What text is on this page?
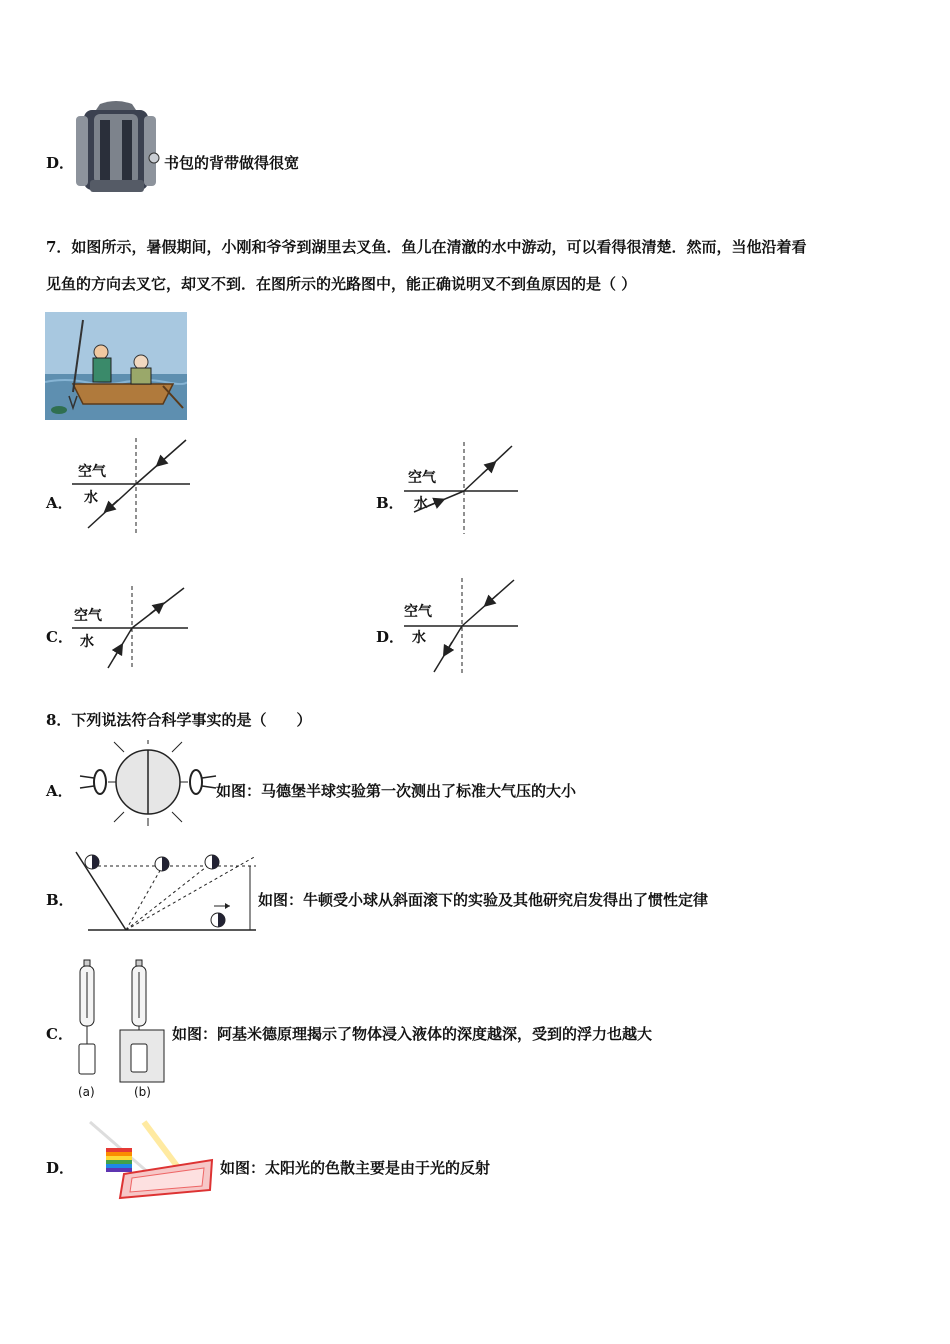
D．	书包的背带做得很宽
7．如图所示，暑假期间，小刚和爷爷到湖里去叉鱼．鱼儿在清澈的水中游动，可以看得很清楚．然而，当他沿着看
见鱼的方向去叉它，却叉不到．在图所示的光路图中，能正确说明叉不到鱼原因的是（ ）
A．
空气
水	B．
空气
水
C．
空气
水	D．
空气
水
8．下列说法符合科学事实的是（　　）
A．	如图：马德堡半球实验第一次测出了标准大气压的大小
B．	如图：牛顿受小球从斜面滚下的实验及其他研究启发得出了惯性定律
C．
(a)	(b)
如图：阿基米德原理揭示了物体浸入液体的深度越深，受到的浮力也越大
D．	如图：太阳光的色散主要是由于光的反射
